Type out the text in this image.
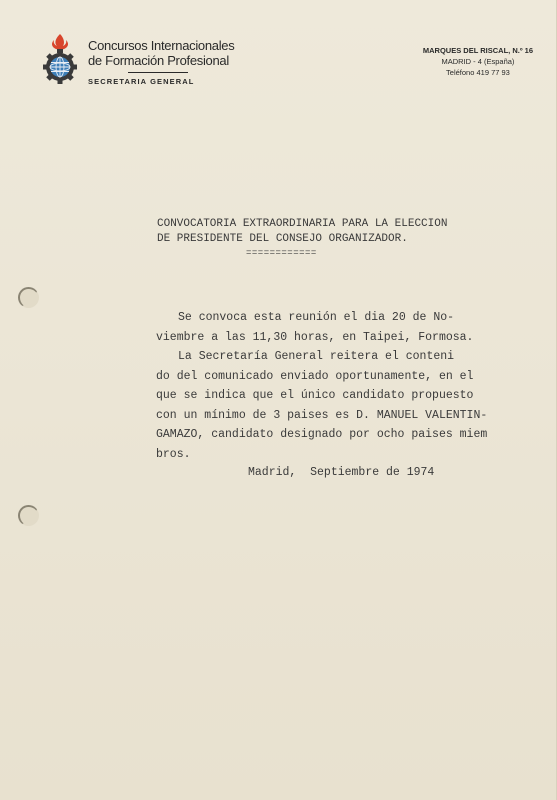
Concursos Internacionales
de Formación Profesional
SECRETARIA GENERAL
MARQUES DEL RISCAL, N.º 16
MADRID - 4 (España)
Teléfono 419 77 93
CONVOCATORIA EXTRAORDINARIA PARA LA ELECCION
DE PRESIDENTE DEL CONSEJO ORGANIZADOR.
============
Se convoca esta reunión el dia 20 de No-
viembre a las 11,30 horas, en Taipei, Formosa.
La Secretaría General reitera el conteni
do del comunicado enviado oportunamente, en el
que se indica que el único candidato propuesto
con un mínimo de 3 paises es D. MANUEL VALENTIN-
GAMAZO, candidato designado por ocho paises miem
bros.
Madrid,  Septiembre de 1974
